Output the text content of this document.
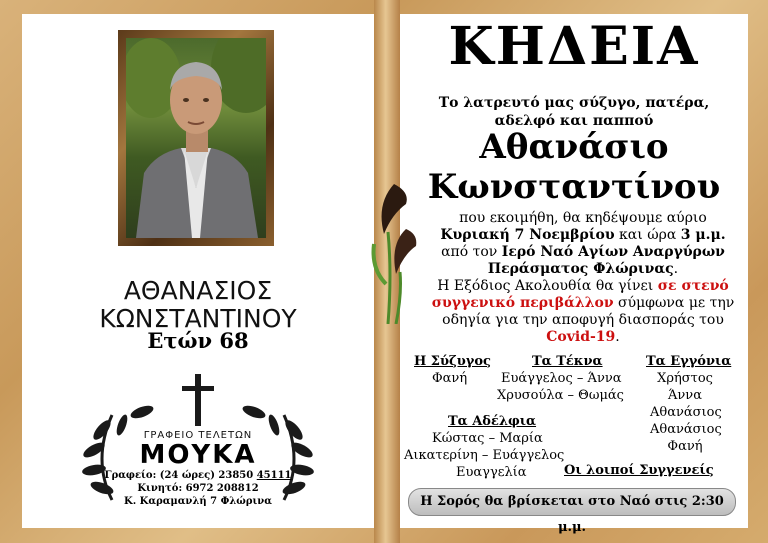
ΑΘΑΝΑΣΙΟΣ
ΚΩΝΣΤΑΝΤΙΝΟΥ
Ετών 68
ΓΡΑΦΕΙΟ ΤΕΛΕΤΩΝ
ΜΟΥΚΑ
Γραφείο: (24 ώρες) 23850 45111
Κινητό: 6972 208812
Κ. Καραμανλή 7 Φλώρινα
ΚΗΔΕΙΑ
Το λατρευτό μας σύζυγο, πατέρα,
αδελφό και παππού
Αθανάσιο
Κωνσταντίνου
που εκοιμήθη, θα κηδέψουμε αύριο
Κυριακή 7 Νοεμβρίου και ώρα 3 μ.μ.
από τον Ιερό Ναό Αγίων Αναργύρων
Περάσματος Φλώρινας.
Η Εξόδιος Ακολουθία θα γίνει σε στενό
συγγενικό περιβάλλον σύμφωνα με την
οδηγία για την αποφυγή διασποράς του
Covid-19.
Η Σύζυγος
Φανή
Τα Τέκνα
Ευάγγελος – Άννα
Χρυσούλα – Θωμάς
Τα Εγγόνια
Χρήστος
Άννα
Αθανάσιος
Αθανάσιος
Φανή
Τα Αδέλφια
Κώστας – Μαρία
Αικατερίνη – Ευάγγελος
Ευαγγελία	Οι λοιποί Συγγενείς
Η Σορός θα βρίσκεται στο Ναό στις 2:30 μ.μ.
